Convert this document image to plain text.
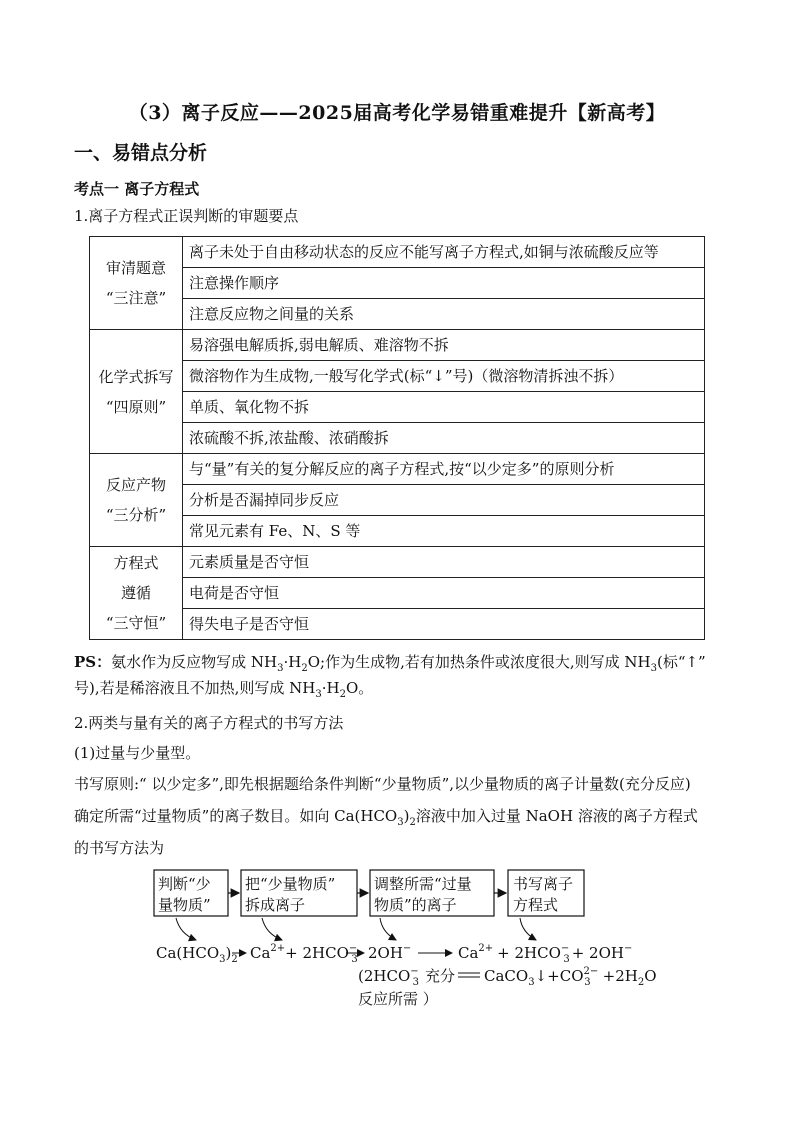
（3）离子反应——2025届高考化学易错重难提升【新高考】
一、易错点分析
考点一 离子方程式
1.离子方程式正误判断的审题要点
审清题意
“三注意”	离子未处于自由移动状态的反应不能写离子方程式,如铜与浓硫酸反应等
	注意操作顺序
	注意反应物之间量的关系
化学式拆写
“四原则”	易溶强电解质拆,弱电解质、难溶物不拆
	微溶物作为生成物,一般写化学式(标“↓”号)（微溶物清拆浊不拆）
	单质、氧化物不拆
	浓硫酸不拆,浓盐酸、浓硝酸拆
反应产物
“三分析”	与“量”有关的复分解反应的离子方程式,按“以少定多”的原则分析
	分析是否漏掉同步反应
	常见元素有 Fe、N、S 等
方程式
遵循
“三守恒”	元素质量是否守恒
	电荷是否守恒
	得失电子是否守恒
PS：氨水作为反应物写成 $NH_3\cdot H_2O$;作为生成物,若有加热条件或浓度很大,则写成 $NH_3$(标“↑”
号),若是稀溶液且不加热,则写成 $NH_3\cdot H_2O$。
2.两类与量有关的离子方程式的书写方法
(1)过量与少量型。
书写原则:“ 以少定多”,即先根据题给条件判断“少量物质”,以少量物质的离子计量数(充分反应)
确定所需“过量物质”的离子数目。如向 $Ca(HCO_3)_2$溶液中加入过量 NaOH 溶液的离子方程式
的书写方法为
判断“少
量物质”
把“少量物质”
拆成离子
调整所需“过量
物质”的离子
书写离子
方程式
$Ca(HCO_3)_2$ $Ca^{2+}+ 2HCO^-$ 3 2OH−	$Ca^{2+} + 2HCO^-$ 3 + 2OH−
(2HCO− 3 充分 $CaCO_3↓+CO^{2-}$ $3 +2H_2O$
反应所需 ）
